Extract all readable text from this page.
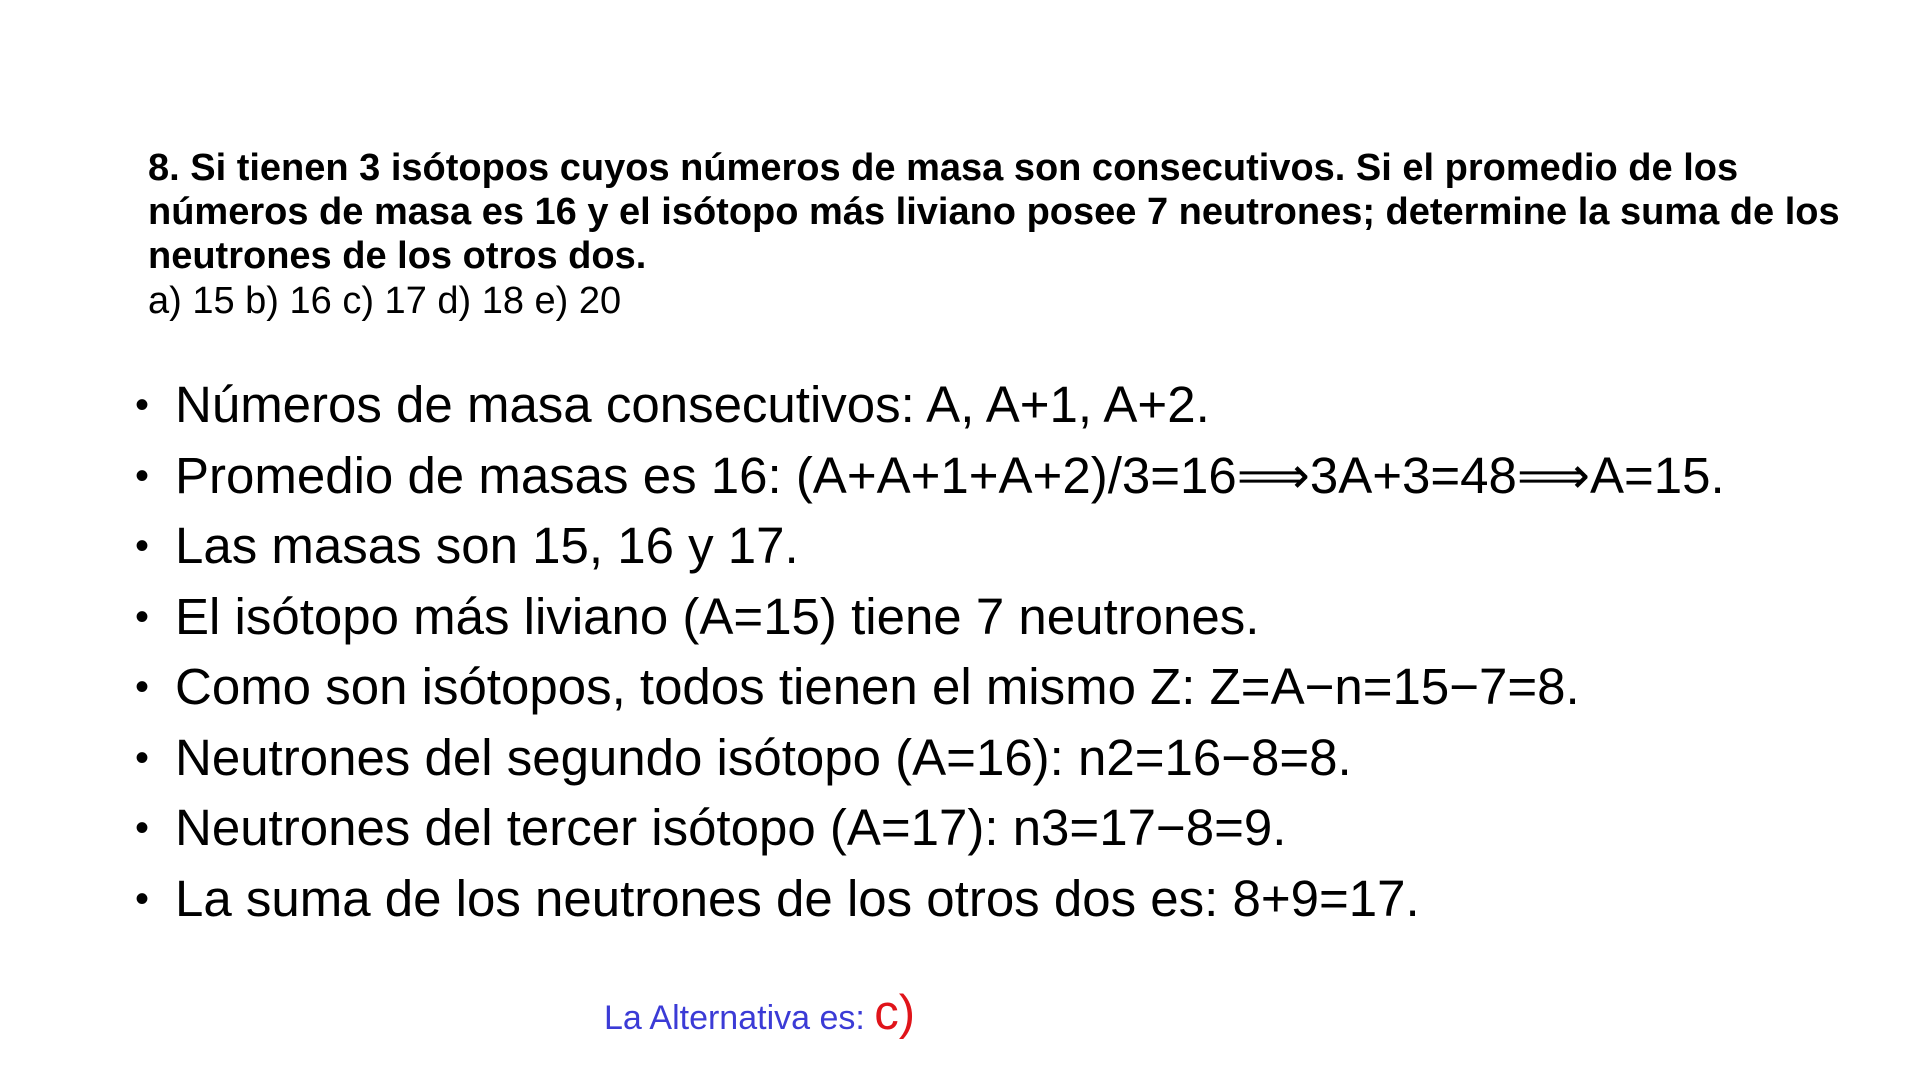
8. Si tienen 3 isótopos cuyos números de masa son consecutivos. Si el promedio de los números de masa es 16 y el isótopo más liviano posee 7 neutrones; determine la suma de los neutrones de los otros dos.

a) 15 b) 16 c) 17 d) 18 e) 20

• Números de masa consecutivos: A, A+1, A+2.
• Promedio de masas es 16: (A+A+1+A+2)/3=16⟹3A+3=48⟹A=15.
• Las masas son 15, 16 y 17.
• El isótopo más liviano (A=15) tiene 7 neutrones.
• Como son isótopos, todos tienen el mismo Z: Z=A−n=15−7=8.
• Neutrones del segundo isótopo (A=16): n2=16−8=8.
• Neutrones del tercer isótopo (A=17): n3=17−8=9.
• La suma de los neutrones de los otros dos es: 8+9=17.
La Alternativa es: c)
